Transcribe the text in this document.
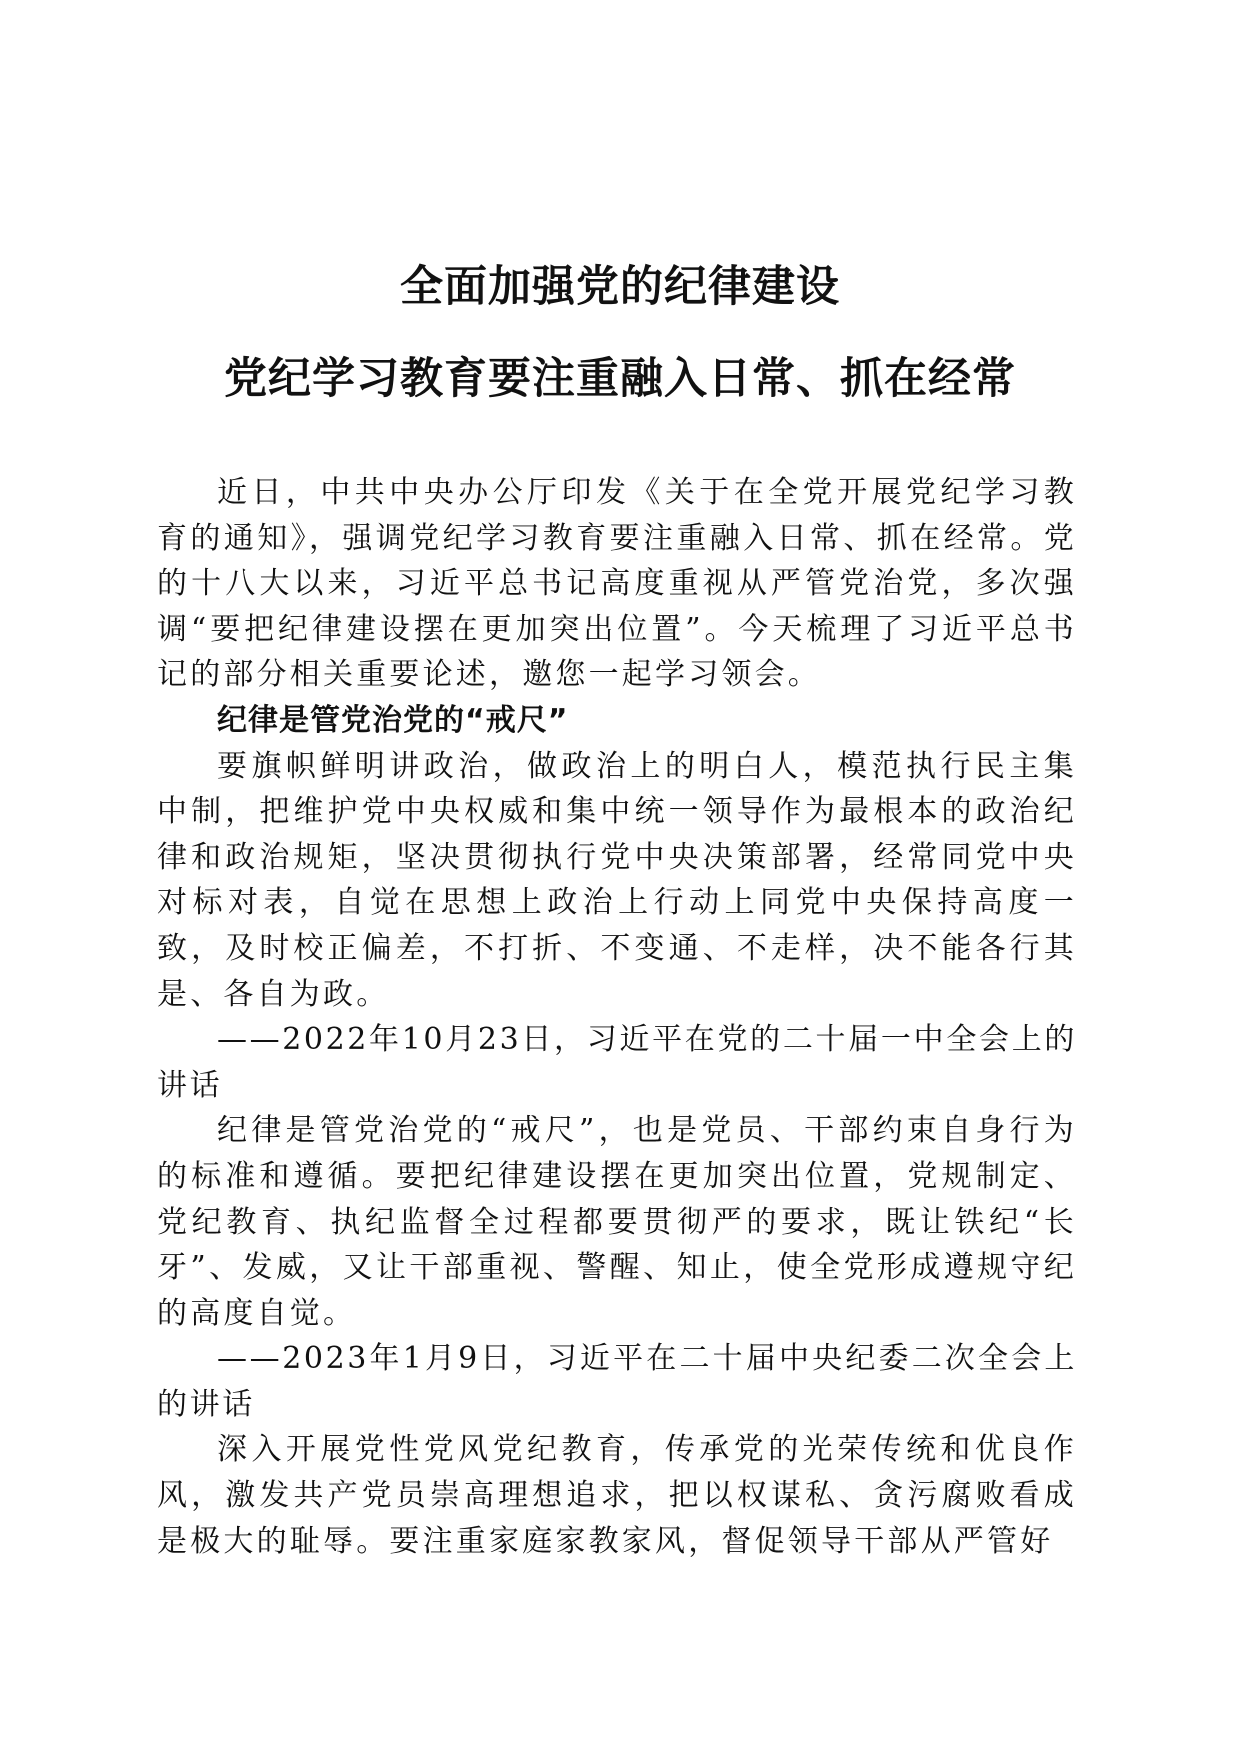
全面加强党的纪律建设
党纪学习教育要注重融入日常、抓在经常

近日，中共中央办公厅印发《关于在全党开展党纪学习教育的通知》，强调党纪学习教育要注重融入日常、抓在经常。党的十八大以来，习近平总书记高度重视从严管党治党，多次强调“要把纪律建设摆在更加突出位置”。今天梳理了习近平总书记的部分相关重要论述，邀您一起学习领会。

纪律是管党治党的“戒尺”

要旗帜鲜明讲政治，做政治上的明白人，模范执行民主集中制，把维护党中央权威和集中统一领导作为最根本的政治纪律和政治规矩，坚决贯彻执行党中央决策部署，经常同党中央对标对表，自觉在思想上政治上行动上同党中央保持高度一致，及时校正偏差，不打折、不变通、不走样，决不能各行其是、各自为政。

——2022年10月23日，习近平在党的二十届一中全会上的讲话

纪律是管党治党的“戒尺”，也是党员、干部约束自身行为的标准和遵循。要把纪律建设摆在更加突出位置，党规制定、党纪教育、执纪监督全过程都要贯彻严的要求，既让铁纪“长牙”、发威，又让干部重视、警醒、知止，使全党形成遵规守纪的高度自觉。

——2023年1月9日，习近平在二十届中央纪委二次全会上的讲话

深入开展党性党风党纪教育，传承党的光荣传统和优良作风，激发共产党员崇高理想追求，把以权谋私、贪污腐败看成是极大的耻辱。要注重家庭家教家风，督促领导干部从严管好
